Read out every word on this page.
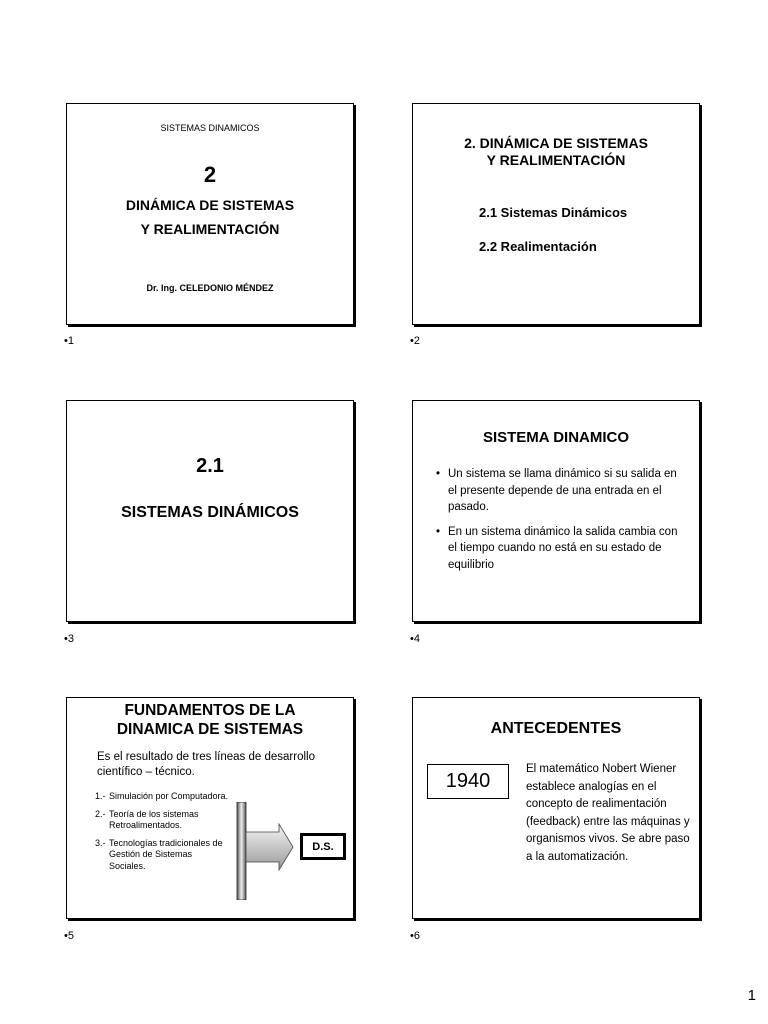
SISTEMAS DINAMICOS
2
DINÁMICA DE SISTEMAS
Y REALIMENTACIÓN
Dr. Ing. CELEDONIO MÉNDEZ
•1
2. DINÁMICA DE SISTEMAS
Y REALIMENTACIÓN
2.1 Sistemas Dinámicos
2.2 Realimentación
•2
2.1
SISTEMAS DINÁMICOS
•3
SISTEMA DINAMICO
• Un sistema se llama dinámico si su salida en el presente depende de una entrada en el pasado.
• En un sistema dinámico la salida cambia con el tiempo cuando no está en su estado de equilibrio
•4
FUNDAMENTOS DE LA
DINAMICA DE SISTEMAS
Es el resultado de tres líneas de desarrollo científico – técnico.
1.- Simulación por Computadora.
2.- Teoría de los sistemas Retroalimentados.
3.- Tecnologías tradicionales de Gestión de Sistemas Sociales.
D.S.
•5
ANTECEDENTES
1940
El matemático Nobert Wiener establece analogías en el concepto de realimentación (feedback) entre las máquinas y organismos vivos. Se abre paso a la automatización.
•6
1
